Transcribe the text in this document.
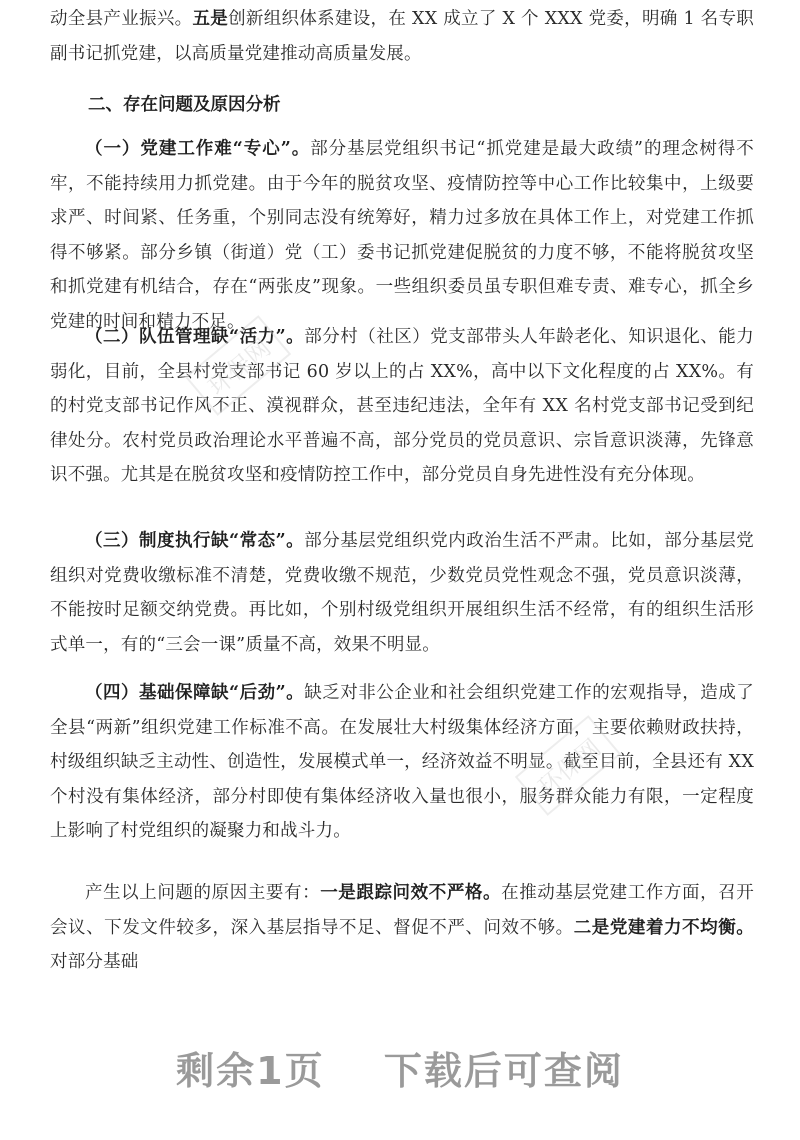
动全县产业振兴。五是创新组织体系建设，在 XX 成立了 X 个 XXX 党委，明确 1 名专职副书记抓党建，以高质量党建推动高质量发展。

二、存在问题及原因分析

（一）党建工作难“专心”。部分基层党组织书记“抓党建是最大政绩”的理念树得不牢，不能持续用力抓党建。由于今年的脱贫攻坚、疫情防控等中心工作比较集中，上级要求严、时间紧、任务重，个别同志没有统筹好，精力过多放在具体工作上，对党建工作抓得不够紧。部分乡镇（街道）党（工）委书记抓党建促脱贫的力度不够，不能将脱贫攻坚和抓党建有机结合，存在“两张皮”现象。一些组织委员虽专职但难专责、难专心，抓全乡党建的时间和精力不足。

（二）队伍管理缺“活力”。部分村（社区）党支部带头人年龄老化、知识退化、能力弱化，目前，全县村党支部书记 60 岁以上的占 XX%，高中以下文化程度的占 XX%。有的村党支部书记作风不正、漠视群众，甚至违纪违法，全年有 XX 名村党支部书记受到纪律处分。农村党员政治理论水平普遍不高，部分党员的党员意识、宗旨意识淡薄，先锋意识不强。尤其是在脱贫攻坚和疫情防控工作中，部分党员自身先进性没有充分体现。

（三）制度执行缺“常态”。部分基层党组织党内政治生活不严肃。比如，部分基层党组织对党费收缴标准不清楚，党费收缴不规范，少数党员党性观念不强，党员意识淡薄，不能按时足额交纳党费。再比如，个别村级党组织开展组织生活不经常，有的组织生活形式单一，有的“三会一课”质量不高，效果不明显。

（四）基础保障缺“后劲”。缺乏对非公企业和社会组织党建工作的宏观指导，造成了全县“两新”组织党建工作标准不高。在发展壮大村级集体经济方面，主要依赖财政扶持，村级组织缺乏主动性、创造性，发展模式单一，经济效益不明显。截至目前，全县还有 XX 个村没有集体经济，部分村即使有集体经济收入量也很小，服务群众能力有限，一定程度上影响了村党组织的凝聚力和战斗力。

产生以上问题的原因主要有：一是跟踪问效不严格。在推动基层党建工作方面，召开会议、下发文件较多，深入基层指导不足、督促不严、问效不够。二是党建着力不均衡。对部分基础

环保网
环保网
剩余1页 下载后可查阅
